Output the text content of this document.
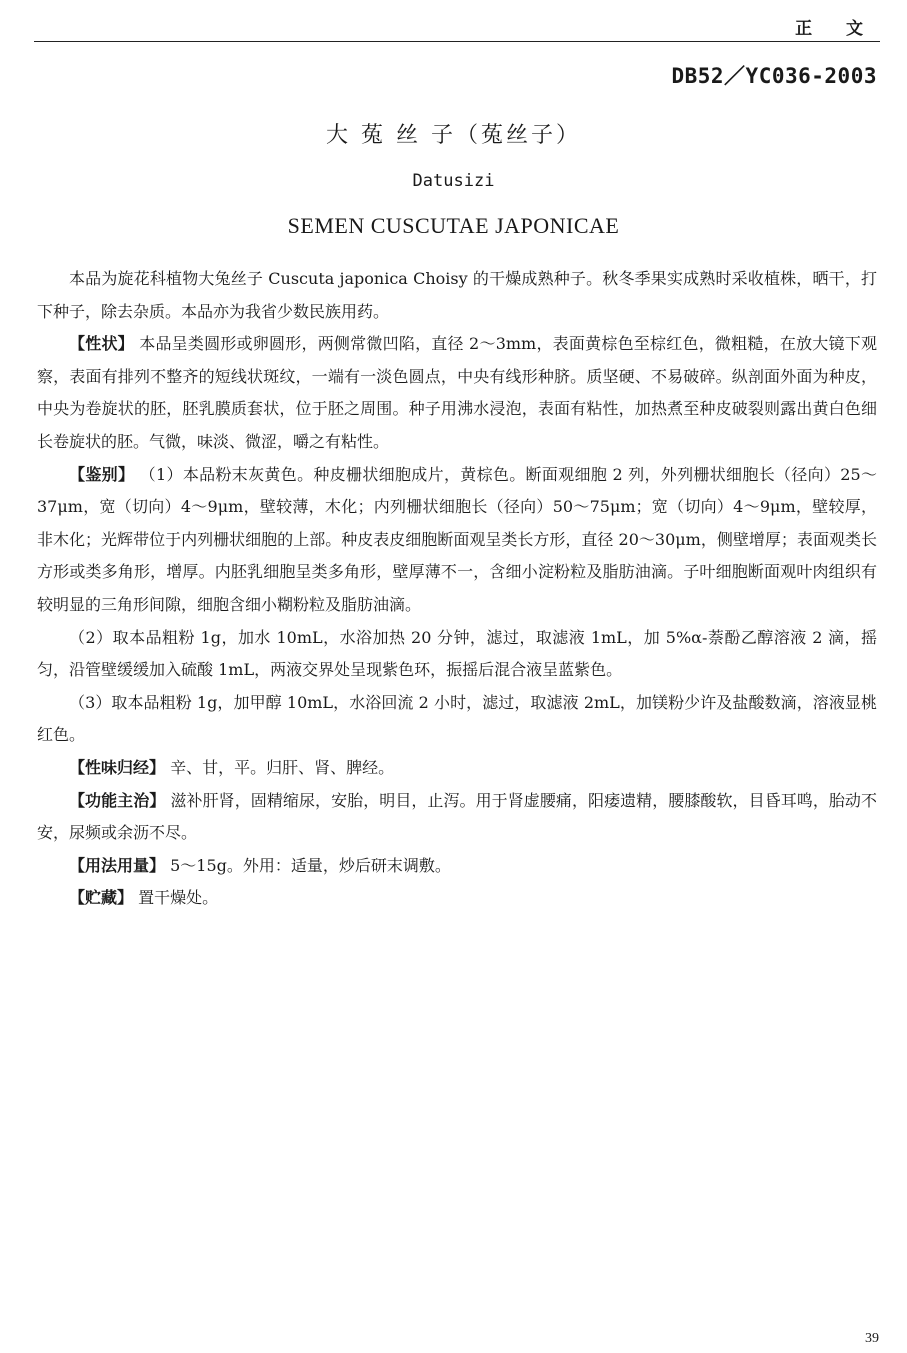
正 文
DB52／YC036-2003
大 菟 丝 子（菟丝子）
Datusizi
SEMEN CUSCUTAE JAPONICAE

本品为旋花科植物大兔丝子 Cuscuta japonica Choisy 的干燥成熟种子。秋冬季果实成熟时采收植株，晒干，打下种子，除去杂质。本品亦为我省少数民族用药。

【性状】 本品呈类圆形或卵圆形，两侧常微凹陷，直径 2～3mm，表面黄棕色至棕红色，微粗糙，在放大镜下观察，表面有排列不整齐的短线状斑纹，一端有一淡色圆点，中央有线形种脐。质坚硬、不易破碎。纵剖面外面为种皮，中央为卷旋状的胚，胚乳膜质套状，位于胚之周围。种子用沸水浸泡，表面有粘性，加热煮至种皮破裂则露出黄白色细长卷旋状的胚。气微，味淡、微涩，嚼之有粘性。

【鉴别】 （1）本品粉末灰黄色。种皮栅状细胞成片，黄棕色。断面观细胞 2 列，外列栅状细胞长（径向）25～37μm，宽（切向）4～9μm，壁较薄，木化；内列栅状细胞长（径向）50～75μm；宽（切向）4～9μm，壁较厚，非木化；光辉带位于内列栅状细胞的上部。种皮表皮细胞断面观呈类长方形，直径 20～30μm，侧壁增厚；表面观类长方形或类多角形，增厚。内胚乳细胞呈类多角形，壁厚薄不一，含细小淀粉粒及脂肪油滴。子叶细胞断面观叶肉组织有较明显的三角形间隙，细胞含细小糊粉粒及脂肪油滴。

（2）取本品粗粉 1g，加水 10mL，水浴加热 20 分钟，滤过，取滤液 1mL，加 5%α-萘酚乙醇溶液 2 滴，摇匀，沿管壁缓缓加入硫酸 1mL，两液交界处呈现紫色环，振摇后混合液呈蓝紫色。

（3）取本品粗粉 1g，加甲醇 10mL，水浴回流 2 小时，滤过，取滤液 2mL，加镁粉少许及盐酸数滴，溶液显桃红色。

【性味归经】 辛、甘，平。归肝、肾、脾经。

【功能主治】 滋补肝肾，固精缩尿，安胎，明目，止泻。用于肾虚腰痛，阳痿遗精，腰膝酸软，目昏耳鸣，胎动不安，尿频或余沥不尽。

【用法用量】 5～15g。外用：适量，炒后研末调敷。

【贮藏】 置干燥处。

39
